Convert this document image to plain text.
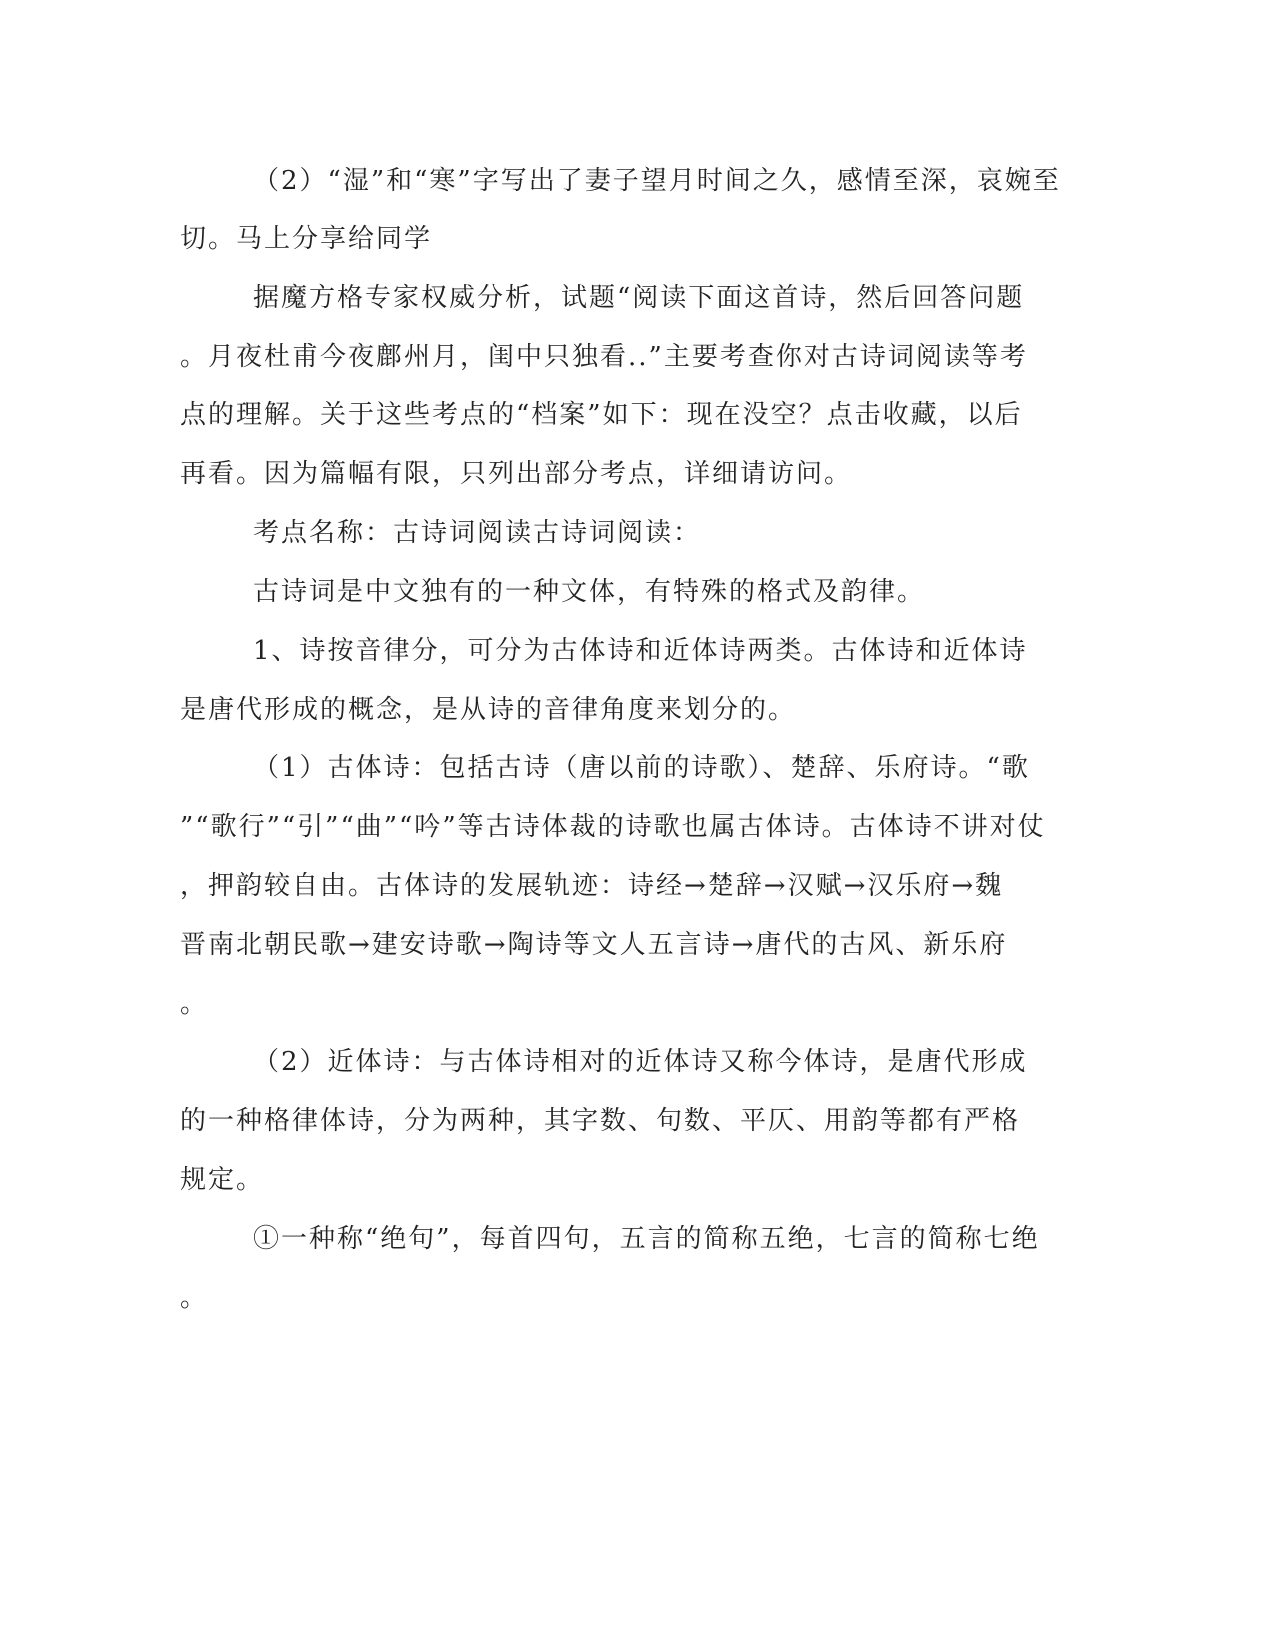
（2）“湿”和“寒”字写出了妻子望月时间之久，感情至深，哀婉至
切。马上分享给同学
据魔方格专家权威分析，试题“阅读下面这首诗，然后回答问题
。月夜杜甫今夜鄜州月，闺中只独看..”主要考查你对古诗词阅读等考
点的理解。关于这些考点的“档案”如下：现在没空？点击收藏，以后
再看。因为篇幅有限，只列出部分考点，详细请访问。
考点名称：古诗词阅读古诗词阅读：
古诗词是中文独有的一种文体，有特殊的格式及韵律。
1、诗按音律分，可分为古体诗和近体诗两类。古体诗和近体诗
是唐代形成的概念，是从诗的音律角度来划分的。
（1）古体诗：包括古诗（唐以前的诗歌）、楚辞、乐府诗。“歌
”“歌行”“引”“曲”“吟”等古诗体裁的诗歌也属古体诗。古体诗不讲对仗
，押韵较自由。古体诗的发展轨迹：诗经→楚辞→汉赋→汉乐府→魏
晋南北朝民歌→建安诗歌→陶诗等文人五言诗→唐代的古风、新乐府
。
（2）近体诗：与古体诗相对的近体诗又称今体诗，是唐代形成
的一种格律体诗，分为两种，其字数、句数、平仄、用韵等都有严格
规定。
①一种称“绝句”，每首四句，五言的简称五绝，七言的简称七绝
。
